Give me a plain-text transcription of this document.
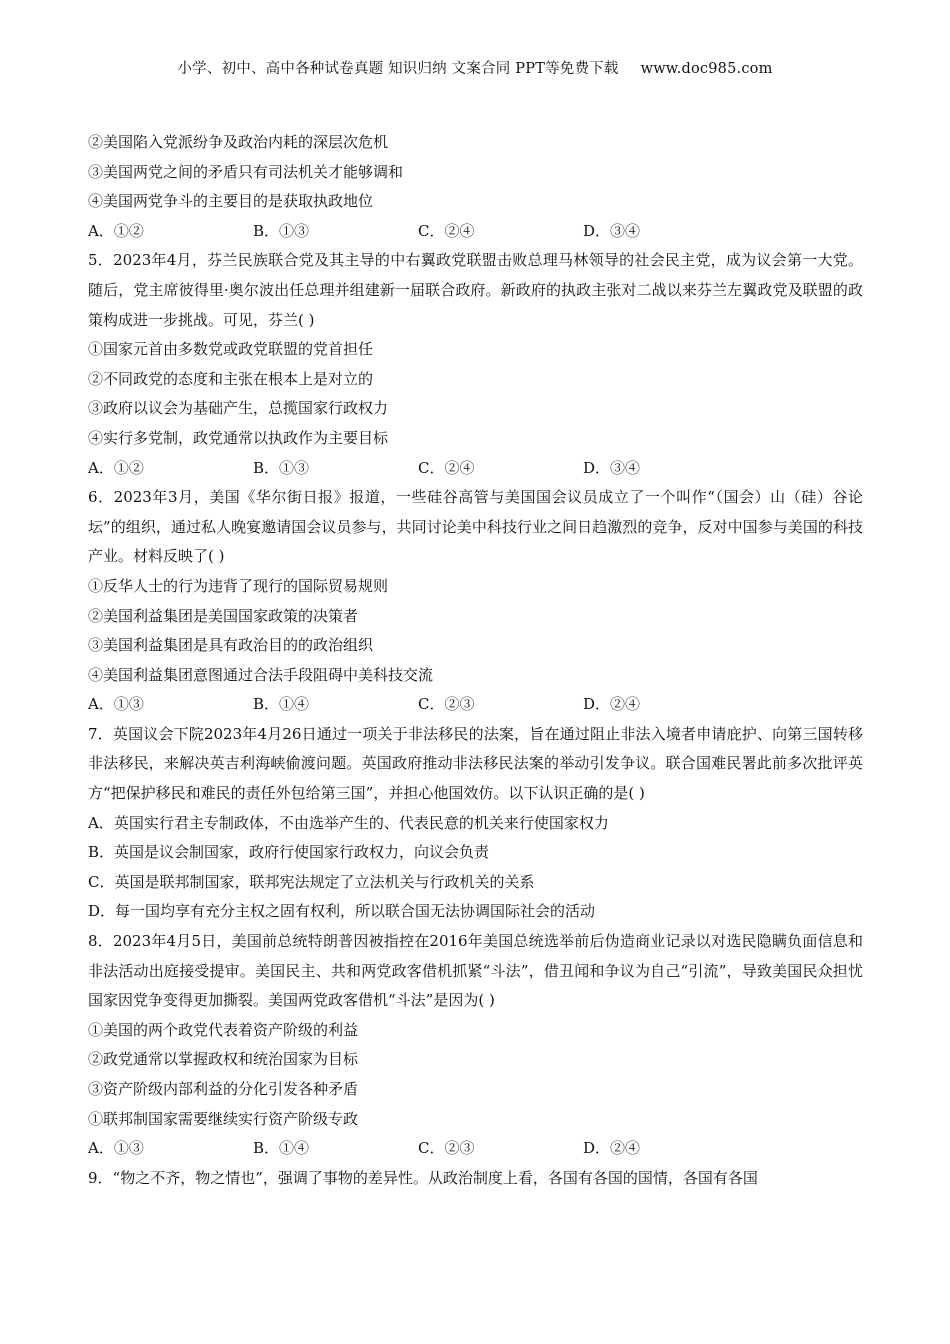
小学、初中、高中各种试卷真题 知识归纳 文案合同 PPT等免费下载 www.doc985.com
②美国陷入党派纷争及政治内耗的深层次危机
③美国两党之间的矛盾只有司法机关才能够调和
④美国两党争斗的主要目的是获取执政地位
A．①②	B．①③	C．②④	D．③④
5．2023年4月，芬兰民族联合党及其主导的中右翼政党联盟击败总理马林领导的社会民主党，成为议会第一大党。随后，党主席彼得里·奥尔波出任总理并组建新一届联合政府。新政府的执政主张对二战以来芬兰左翼政党及联盟的政策构成进一步挑战。可见，芬兰( )
①国家元首由多数党或政党联盟的党首担任
②不同政党的态度和主张在根本上是对立的
③政府以议会为基础产生，总揽国家行政权力
④实行多党制，政党通常以执政作为主要目标
A．①②	B．①③	C．②④	D．③④
6．2023年3月，美国《华尔街日报》报道，一些硅谷高管与美国国会议员成立了一个叫作“（国会）山（硅）谷论坛”的组织，通过私人晚宴邀请国会议员参与，共同讨论美中科技行业之间日趋激烈的竞争，反对中国参与美国的科技产业。材料反映了( )
①反华人士的行为违背了现行的国际贸易规则
②美国利益集团是美国国家政策的决策者
③美国利益集团是具有政治目的的政治组织
④美国利益集团意图通过合法手段阻碍中美科技交流
A．①③	B．①④	C．②③	D．②④
7．英国议会下院2023年4月26日通过一项关于非法移民的法案，旨在通过阻止非法入境者申请庇护、向第三国转移非法移民，来解决英吉利海峡偷渡问题。英国政府推动非法移民法案的举动引发争议。联合国难民署此前多次批评英方“把保护移民和难民的责任外包给第三国”，并担心他国效仿。以下认识正确的是( )
A．英国实行君主专制政体，不由选举产生的、代表民意的机关来行使国家权力
B．英国是议会制国家，政府行使国家行政权力，向议会负责
C．英国是联邦制国家，联邦宪法规定了立法机关与行政机关的关系
D．每一国均享有充分主权之固有权利，所以联合国无法协调国际社会的活动
8．2023年4月5日，美国前总统特朗普因被指控在2016年美国总统选举前后伪造商业记录以对选民隐瞒负面信息和非法活动出庭接受提审。美国民主、共和两党政客借机抓紧“斗法”，借丑闻和争议为自己“引流”，导致美国民众担忧国家因党争变得更加撕裂。美国两党政客借机“斗法”是因为( )
①美国的两个政党代表着资产阶级的利益
②政党通常以掌握政权和统治国家为目标
③资产阶级内部利益的分化引发各种矛盾
①联邦制国家需要继续实行资产阶级专政
A．①③	B．①④	C．②③	D．②④
9．“物之不齐，物之情也”，强调了事物的差异性。从政治制度上看，各国有各国的国情，各国有各国
